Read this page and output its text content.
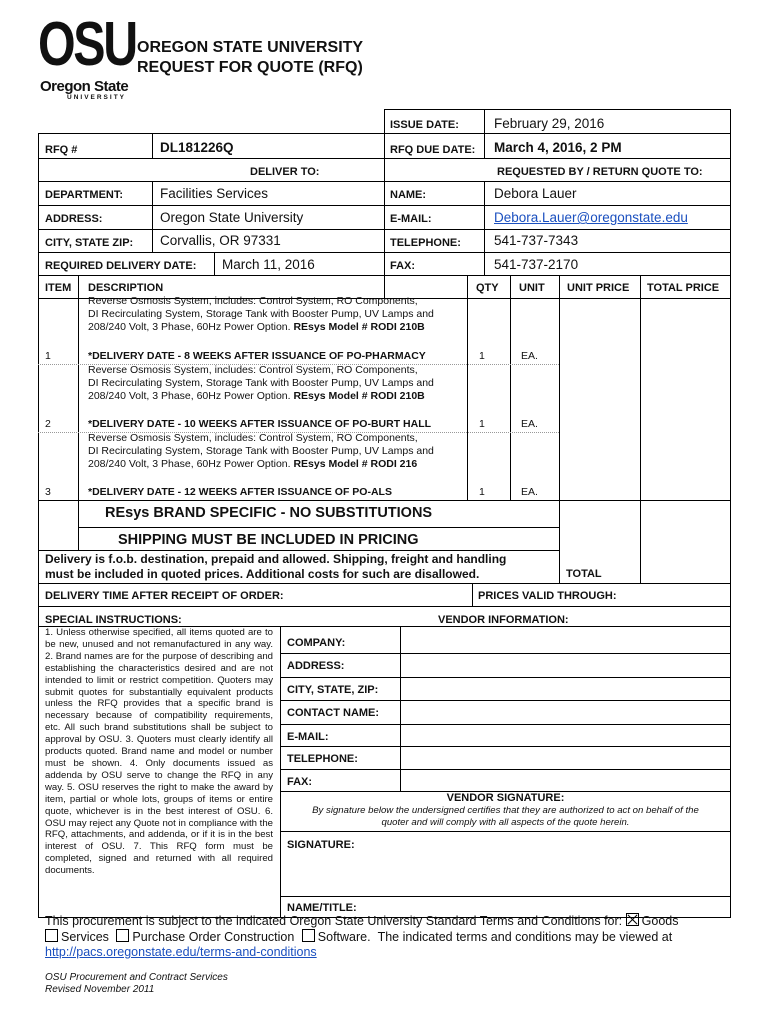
OSU
Oregon State
UNIVERSITY
OREGON STATE UNIVERSITY
REQUEST FOR QUOTE (RFQ)
ISSUE DATE:	February 29, 2016
RFQ #	DL181226Q	RFQ DUE DATE: March 4, 2016, 2 PM
DELIVER TO:	REQUESTED BY / RETURN QUOTE TO:
DEPARTMENT:	Facilities Services
ADDRESS:	Oregon State University
CITY, STATE ZIP: Corvallis, OR 97331
REQUIRED DELIVERY DATE: March 11, 2016
NAME:	Debora Lauer
E-MAIL:	Debora.Lauer@oregonstate.edu
TELEPHONE: 541-737-7343
FAX:	541-737-2170
ITEM DESCRIPTION	QTY UNIT UNIT PRICE TOTAL PRICE
Reverse Osmosis System, includes: Control System, RO Components,
DI Recirculating System, Storage Tank with Booster Pump, UV Lamps and
208/240 Volt, 3 Phase, 60Hz Power Option. REsys Model # RODI 210B
1	*DELIVERY DATE - 8 WEEKS AFTER ISSUANCE OF PO-PHARMACY	1	EA.
Reverse Osmosis System, includes: Control System, RO Components,
DI Recirculating System, Storage Tank with Booster Pump, UV Lamps and
208/240 Volt, 3 Phase, 60Hz Power Option. REsys Model # RODI 210B
2	*DELIVERY DATE - 10 WEEKS AFTER ISSUANCE OF PO-BURT HALL	1	EA.
Reverse Osmosis System, includes: Control System, RO Components,
DI Recirculating System, Storage Tank with Booster Pump, UV Lamps and
208/240 Volt, 3 Phase, 60Hz Power Option. REsys Model # RODI 216
3	*DELIVERY DATE - 12 WEEKS AFTER ISSUANCE OF PO-ALS	1	EA.
REsys BRAND SPECIFIC - NO SUBSTITUTIONS
SHIPPING MUST BE INCLUDED IN PRICING
Delivery is f.o.b. destination, prepaid and allowed. Shipping, freight and handling
must be included in quoted prices. Additional costs for such are disallowed.	TOTAL
DELIVERY TIME AFTER RECEIPT OF ORDER:	PRICES VALID THROUGH:
SPECIAL INSTRUCTIONS:	VENDOR INFORMATION:
1. Unless otherwise specified, all items quoted are to be new, unused and not remanufactured in any way. 2. Brand names are for the purpose of describing and establishing the characteristics desired and are not intended to limit or restrict competition. Quoters may submit quotes for substantially equivalent products unless the RFQ provides that a specific brand is necessary because of compatibility requirements, etc. All such brand substitutions shall be subject to approval by OSU. 3. Quoters must clearly identify all products quoted. Brand name and model or number must be shown. 4. Only documents issued as addenda by OSU serve to change the RFQ in any way. 5. OSU reserves the right to make the award by item, partial or whole lots, groups of items or entire quote, whichever is in the best interest of OSU. 6. OSU may reject any Quote not in compliance with the RFQ, attachments, and addenda, or if it is in the best interest of OSU. 7. This RFQ form must be completed, signed and returned with all required documents.
COMPANY:
ADDRESS:
CITY, STATE, ZIP:
CONTACT NAME:
E-MAIL:
TELEPHONE:
FAX:
VENDOR SIGNATURE:
By signature below the undersigned certifies that they are authorized to act on behalf of the
quoter and will comply with all aspects of the quote herein.
SIGNATURE:
NAME/TITLE:
This procurement is subject to the indicated Oregon State University Standard Terms and Conditions for: Goods
Services Purchase Order Construction Software. The indicated terms and conditions may be viewed at
http://pacs.oregonstate.edu/terms-and-conditions
OSU Procurement and Contract Services
Revised November 2011
